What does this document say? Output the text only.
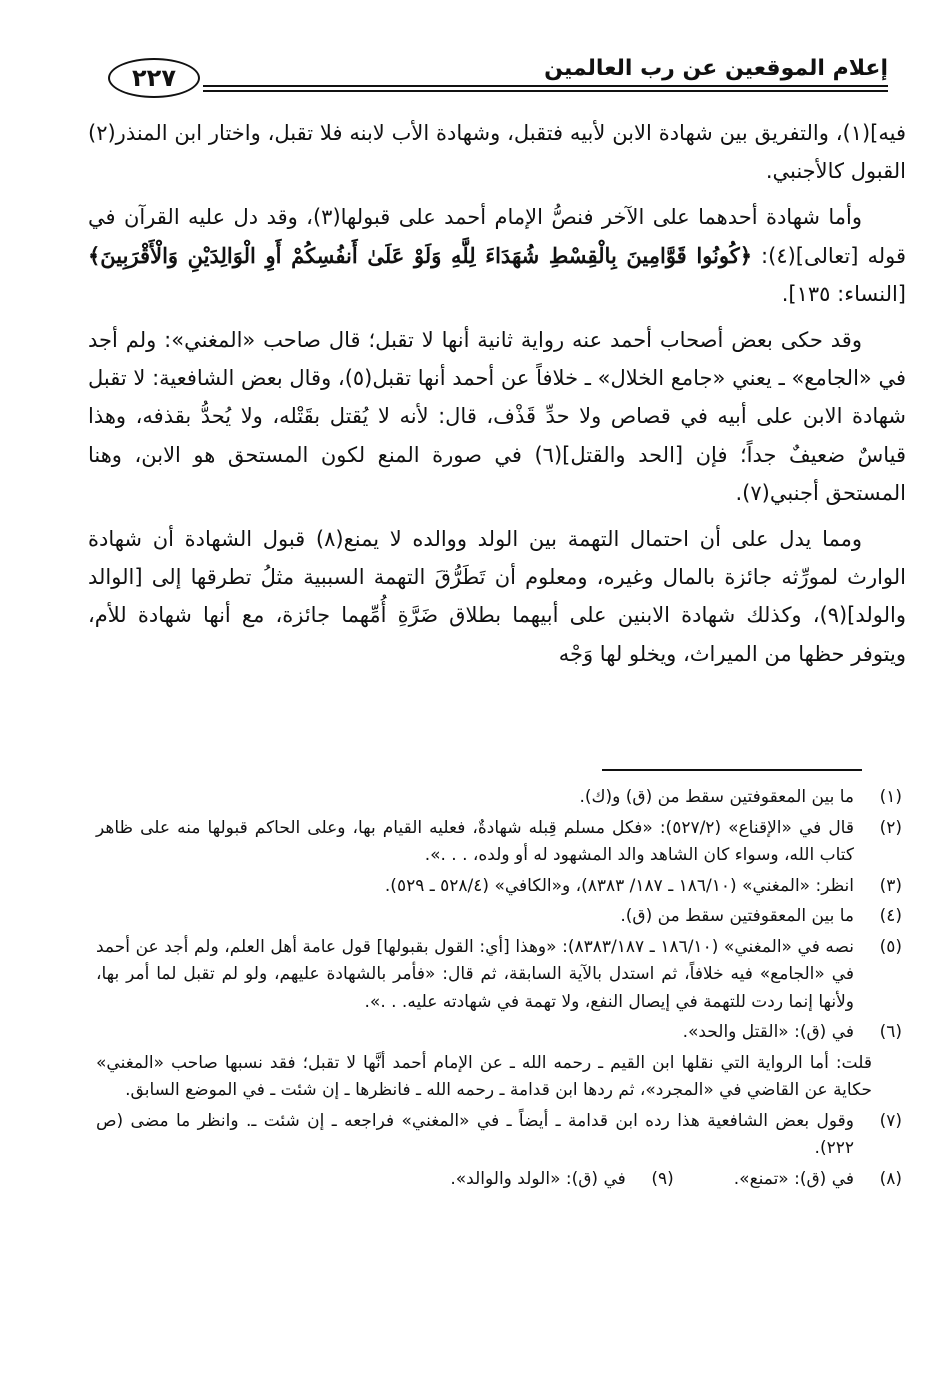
إعلام الموقعين عن رب العالمين
٢٢٧

فيه](١)، والتفريق بين شهادة الابن لأبيه فتقبل، وشهادة الأب لابنه فلا تقبل، واختار ابن المنذر(٢) القبول كالأجنبي.

وأما شهادة أحدهما على الآخر فنصُّ الإمام أحمد على قبولها(٣)، وقد دل عليه القرآن في قوله [تعالى](٤): ﴿كُونُوا قَوَّامِينَ بِالْقِسْطِ شُهَدَاءَ لِلَّهِ وَلَوْ عَلَىٰ أَنفُسِكُمْ أَوِ الْوَالِدَيْنِ وَالْأَقْرَبِينَ﴾ [النساء: ١٣٥].

وقد حكى بعض أصحاب أحمد عنه رواية ثانية أنها لا تقبل؛ قال صاحب «المغني»: ولم أجد في «الجامع» ـ يعني «جامع الخلال» ـ خلافاً عن أحمد أنها تقبل(٥)، وقال بعض الشافعية: لا تقبل شهادة الابن على أبيه في قصاص ولا حدِّ قَذْف، قال: لأنه لا يُقتل بقَتْله، ولا يُحدُّ بقذفه، وهذا قياسٌ ضعيفٌ جداً؛ فإن [الحد والقتل](٦) في صورة المنع لكون المستحق هو الابن، وهنا المستحق أجنبي(٧).

ومما يدل على أن احتمال التهمة بين الولد ووالده لا يمنع(٨) قبول الشهادة أن شهادة الوارث لمورِّثه جائزة بالمال وغيره، ومعلوم أن تَطَرُّقَ التهمة السببية مثلُ تطرقها إلى [الوالد والولد](٩)، وكذلك شهادة الابنين على أبيهما بطلاق ضَرَّةِ أُمِّهما جائزة، مع أنها شهادة للأم، ويتوفر حظها من الميراث، ويخلو لها وَجْه

(١)
ما بين المعقوفتين سقط من (ق) و(ك).
(٢)
قال في «الإقناع» (٥٢٧/٢): «فكل مسلم قِبله شهادةٌ، فعليه القيام بها، وعلى الحاكم قبولها منه على ظاهر كتاب الله، وسواء كان الشاهد والد المشهود له أو ولده، . . .».
(٣)
انظر: «المغني» (١٨٦/١٠ ـ ١٨٧/ ٨٣٨٣)، و«الكافي» (٥٢٨/٤ ـ ٥٢٩).
(٤)
ما بين المعقوفتين سقط من (ق).
(٥)
نصه في «المغني» (١٨٦/١٠ ـ ٨٣٨٣/١٨٧): «وهذا [أي: القول بقبولها] قول عامة أهل العلم، ولم أجد عن أحمد في «الجامع» فيه خلافاً، ثم استدل بالآية السابقة، ثم قال: «فأمر بالشهادة عليهم، ولو لم تقبل لما أمر بها، ولأنها إنما ردت للتهمة في إيصال النفع، ولا تهمة في شهادته عليه. . .».
(٦)
في (ق): «القتل والحد».
قلت: أما الرواية التي نقلها ابن القيم ـ رحمه الله ـ عن الإمام أحمد أنَّها لا تقبل؛ فقد نسبها صاحب «المغني» حكاية عن القاضي في «المجرد»، ثم ردها ابن قدامة ـ رحمه الله ـ فانظرها ـ إن شئت ـ في الموضع السابق.
(٧)
وقول بعض الشافعية هذا رده ابن قدامة ـ أيضاً ـ في «المغني» فراجعه ـ إن شئت ـ. وانظر ما مضى (ص ٢٢٢).
(٨)
في (ق): «تمنع».
(٩)
في (ق): «الولد والوالد».
